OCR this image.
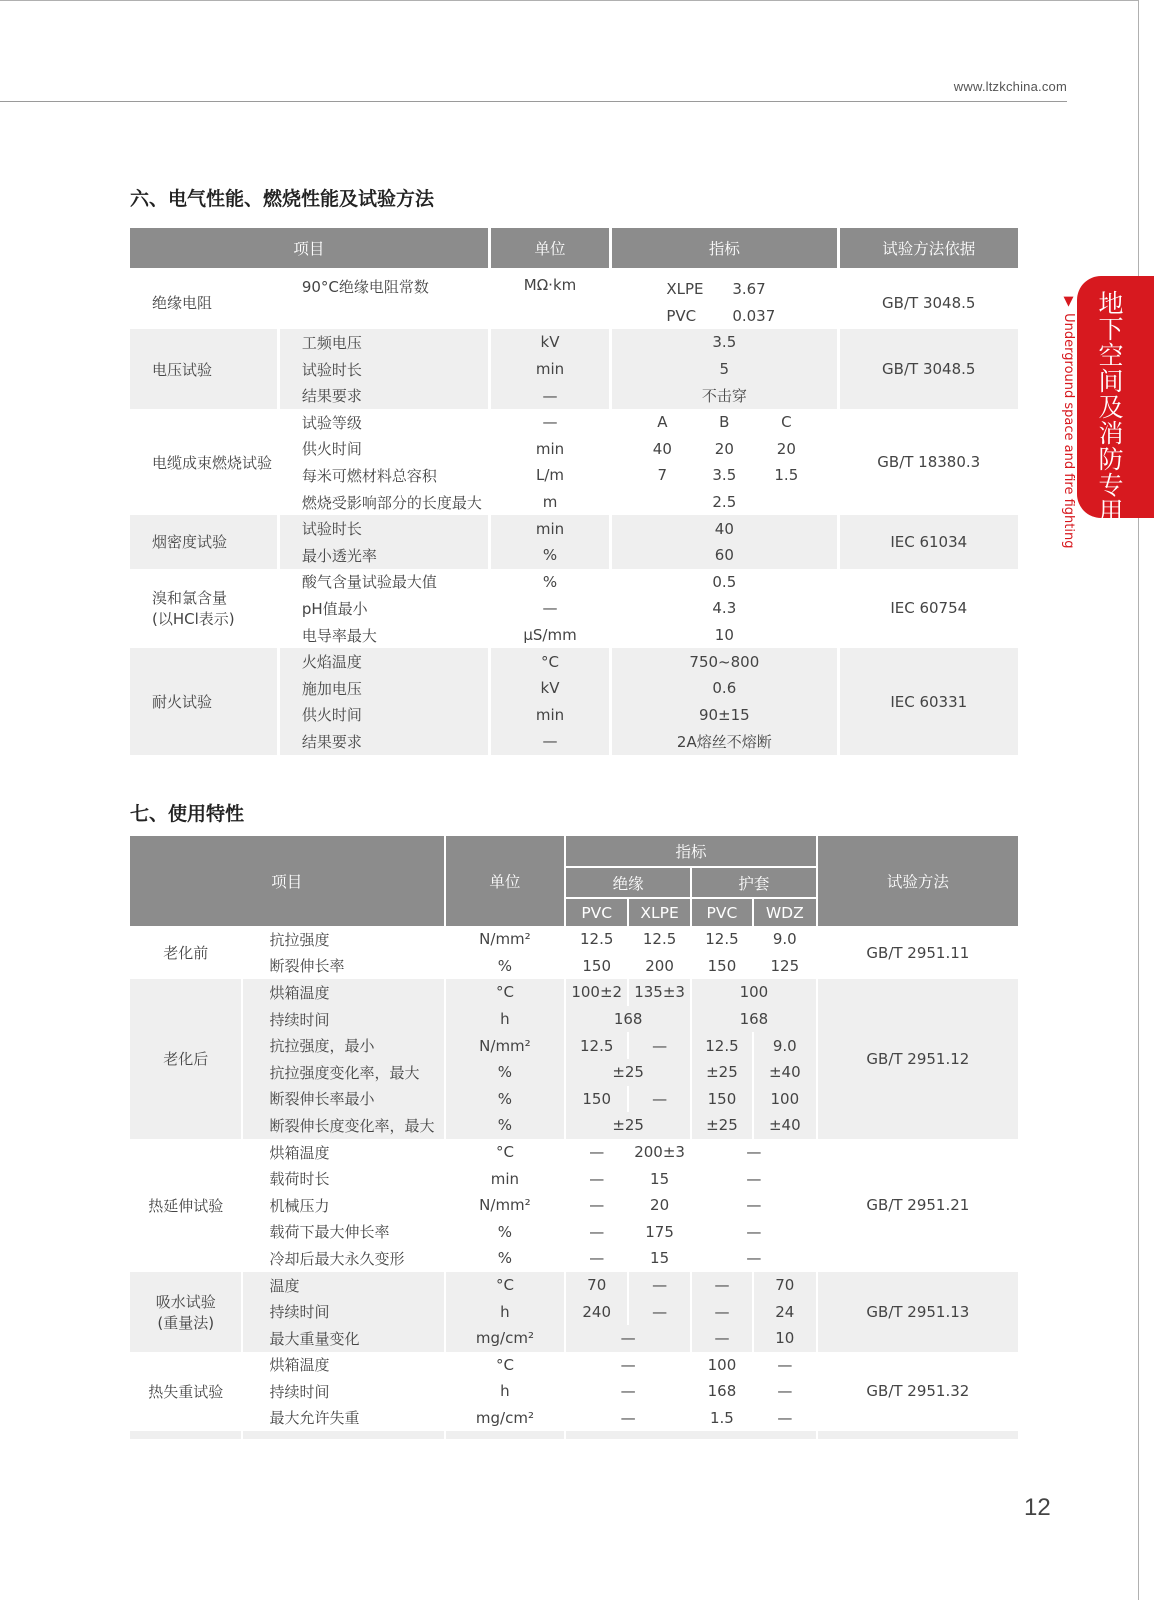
www.ltzkchina.com
地下空间及消防专用
▼ Underground space and fire fighting
六、电气性能、燃烧性能及试验方法
项目		单位	指标	试验方法依据

绝缘电阻	90°C绝缘电阻常数	MΩ·km	XLPE 3.67	GB/T 3048.5
			PVC 0.037	
电压试验	工频电压	kV	3.5	GB/T 3048.5
	试验时长	min	5	
	结果要求	—	不击穿	
电缆成束燃烧试验	试验等级	—	A B C	GB/T 18380.3
	供火时间	min	40 20 20	
	每米可燃材料总容积	L/m	7 3.5 1.5	
	燃烧受影响部分的长度最大	m	2.5	
烟密度试验	试验时长	min	40	IEC 61034
	最小透光率	%	60	

溴和氯含量
(以HCl表示)	酸气含量试验最大值	%	0.5	IEC 60754
	pH值最小	—	4.3	
	电导率最大	μS/mm	10	
耐火试验	火焰温度	°C	750~800	IEC 60331
	施加电压	kV	0.6	
	供火时间	min	90±15	
	结果要求	—	2A熔丝不熔断	
七、使用特性
项目		单位	指标				试验方法
			绝缘		护套		
			PVC	XLPE	PVC	WDZ	
老化前	抗拉强度	N/mm²	12.5	12.5	12.5	9.0	GB/T 2951.11
	断裂伸长率	%	150	200	150	125	
老化后	烘箱温度	°C	100±2	135±3	100		GB/T 2951.12
	持续时间	h	168		168		
	抗拉强度，最小	N/mm²	12.5	—	12.5	9.0	
	抗拉强度变化率，最大	%	±25		±25	±40	
	断裂伸长率最小	%	150	—	150	100	
	断裂伸长度变化率，最大	%	±25		±25	±40	
热延伸试验	烘箱温度	°C	—	200±3	—		GB/T 2951.21
	载荷时长	min	—	15	—		
	机械压力	N/mm²	—	20	—		
	载荷下最大伸长率	%	—	175	—		
	冷却后最大永久变形	%	—	15	—		

吸水试验
(重量法)	温度	°C	70	—	—	70	GB/T 2951.13
	持续时间	h	240	—	—	24	
	最大重量变化	mg/cm²	—		—	10	
热失重试验	烘箱温度	°C	—		100	—	GB/T 2951.32
	持续时间	h	—		168	—	
	最大允许失重	mg/cm²	—		1.5	—	

12
